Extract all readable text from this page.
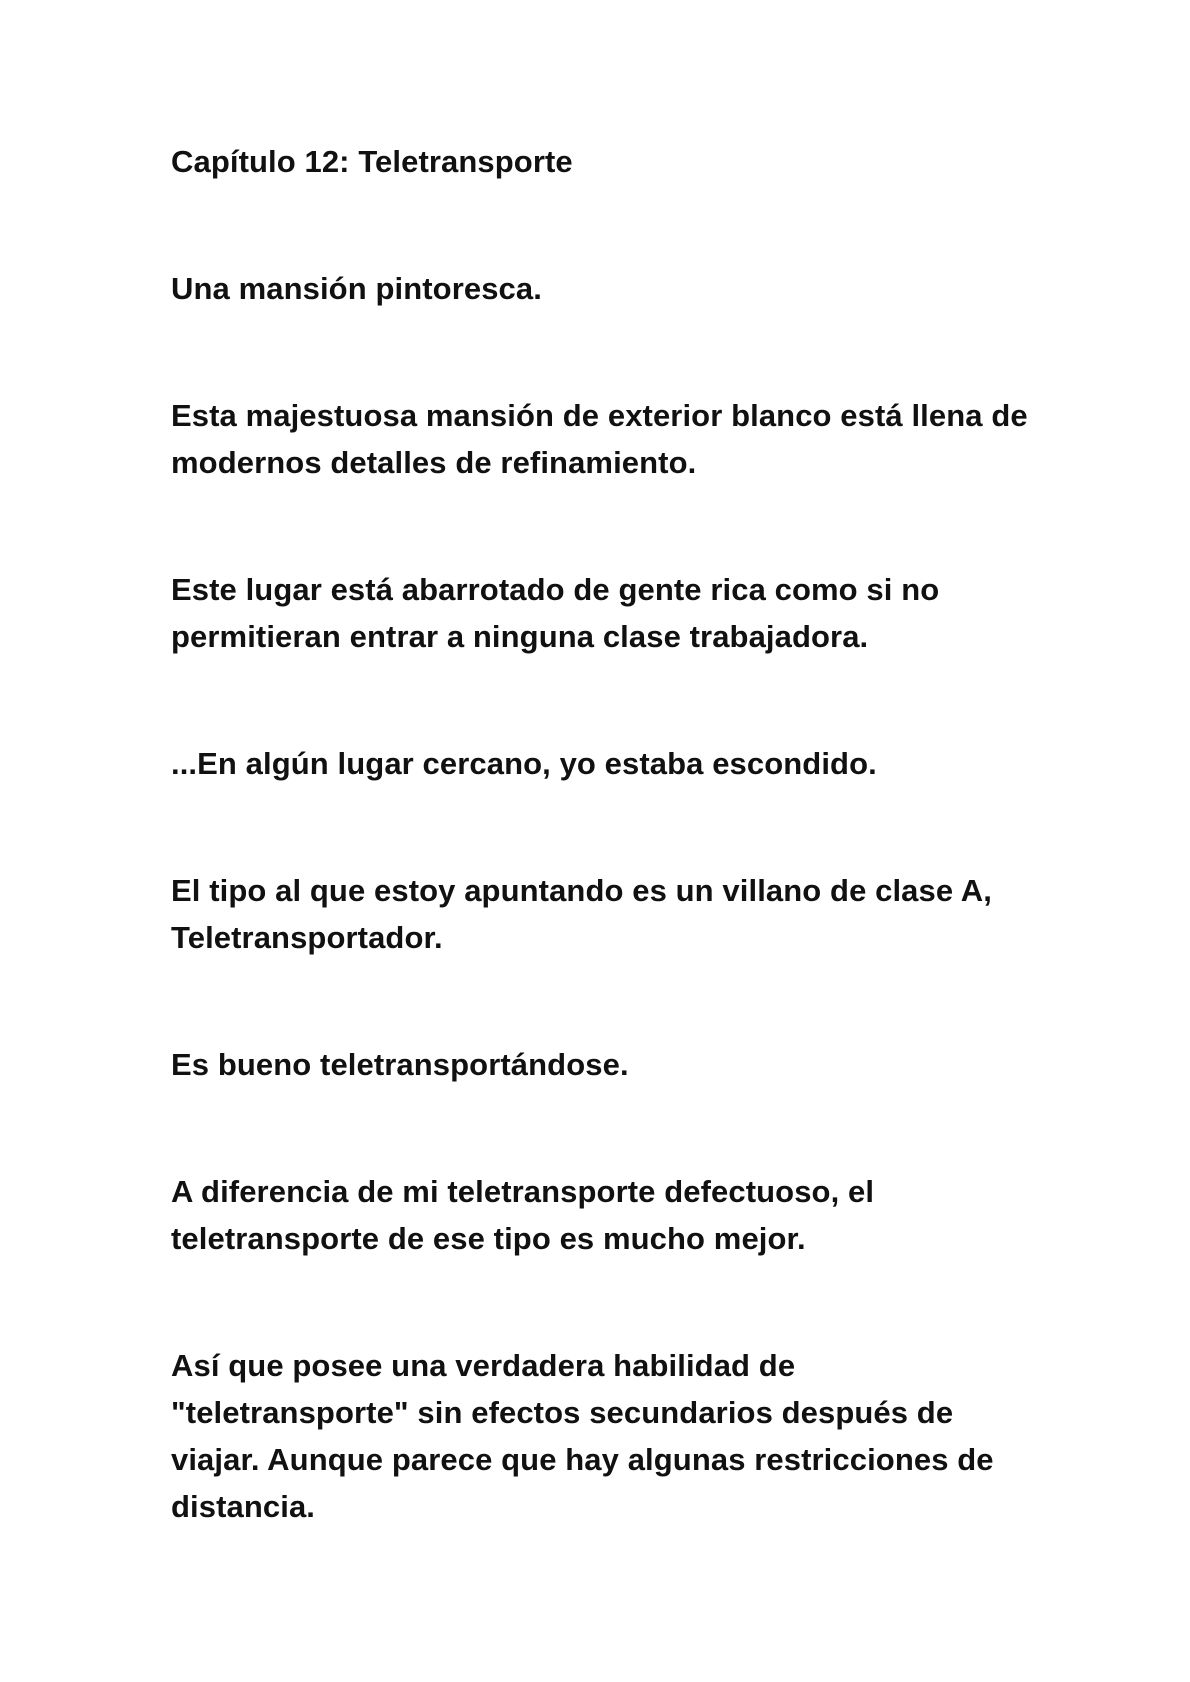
Capítulo 12: Teletransporte
Una mansión pintoresca.
Esta majestuosa mansión de exterior blanco está llena de modernos detalles de refinamiento.
Este lugar está abarrotado de gente rica como si no permitieran entrar a ninguna clase trabajadora.
...En algún lugar cercano, yo estaba escondido.
El tipo al que estoy apuntando es un villano de clase A, Teletransportador.
Es bueno teletransportándose.
A diferencia de mi teletransporte defectuoso, el teletransporte de ese tipo es mucho mejor.
Así que posee una verdadera habilidad de "teletransporte" sin efectos secundarios después de viajar. Aunque parece que hay algunas restricciones de distancia.
